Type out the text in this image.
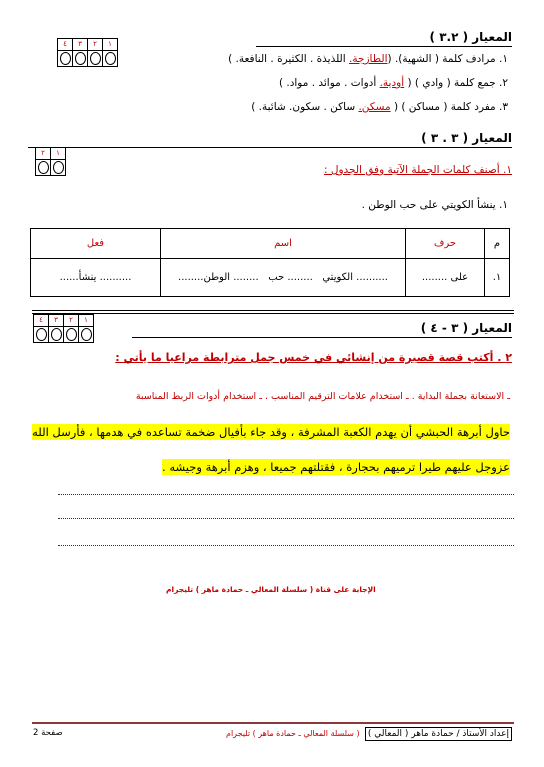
المعيار ( ٣.٢ )
٤	٣	٢	١

١. مرادف كلمة ( الشهية). (الطازجة. اللذيذة . الكثيرة . النافعة. )
٢. جمع كلمة ( وادي ) ( أودية. أدوات . موائد . مواد. )
٣. مفرد كلمة ( مساكن ) ( مسكن. ساكن . سكون. شائبة. )
المعيار ( ٣ . ٣ )
٢	١

١. أصنف كلمات الجملة الآتية وفق الجدول :
١. ينشأ الكويتي على حب الوطن .
م	حرف	اسم	فعل
١.	على ........	.......... الكويتي   ........ حب   ........ الوطن........	.......... ينشأ......
المعيار ( ٣ - ٤ )
٤	٣	٢	١

٢ . أكتب قصة قصيرة من إنشائي في خمس جمل مترابطة مراعيا ما يأتي :
ـ الاستعانة بجملة البداية . ـ استخدام علامات الترقيم المناسب . ـ استخدام أدوات الربط المناسبة
حاول أبرهة الحبشي أن يهدم الكعبة المشرفة ، وقد جاء بأفيال ضخمة تساعده في هدمها ، فأرسل الله
عزوجل عليهم طيرا ترميهم بحجارة ، فقتلتهم جميعا ، وهزم أبرهة وجيشه .
الإجابة على قناة ( سلسلة المعالي ـ حمادة ماهر ) تليجرام
إعداد الأستاذ / حمادة ماهر ( المعالي )
( سلسلة المعالي ـ حمادة ماهر ) تليجرام
صفحة 2
